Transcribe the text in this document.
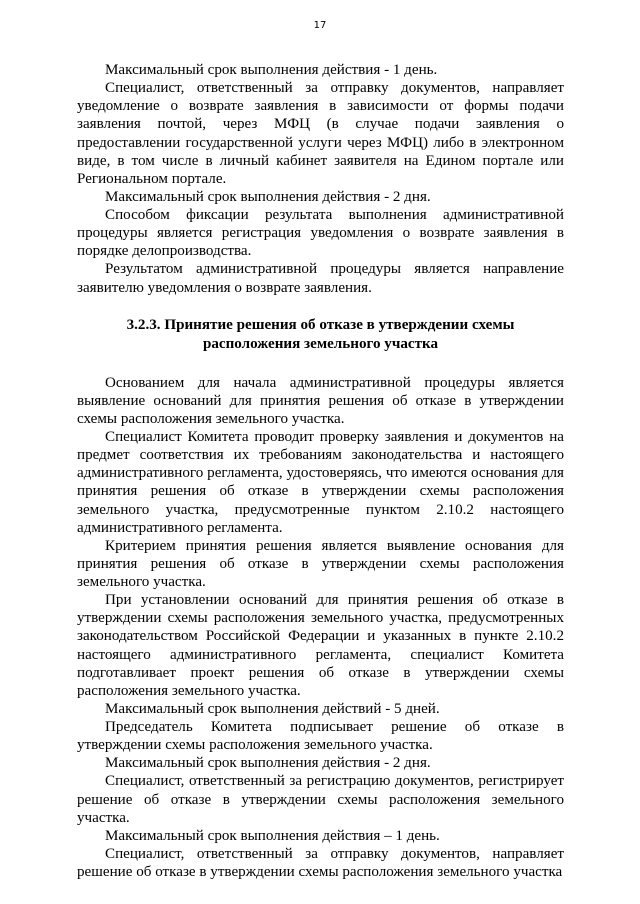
17

Максимальный срок выполнения действия - 1 день.

Специалист, ответственный за отправку документов, направляет уведомление о возврате заявления в зависимости от формы подачи заявления почтой, через МФЦ (в случае подачи заявления о предоставлении государственной услуги через МФЦ) либо в электронном виде, в том числе в личный кабинет заявителя на Едином портале или Региональном портале.

Максимальный срок выполнения действия - 2 дня.

Способом фиксации результата выполнения административной процедуры является регистрация уведомления о возврате заявления в порядке делопроизводства.

Результатом административной процедуры является направление заявителю уведомления о возврате заявления.

3.2.3. Принятие решения об отказе в утверждении схемы
расположения земельного участка

Основанием для начала административной процедуры является выявление оснований для принятия решения об отказе в утверждении схемы расположения земельного участка.

Специалист Комитета проводит проверку заявления и документов на предмет соответствия их требованиям законодательства и настоящего административного регламента, удостоверяясь, что имеются основания для принятия решения об отказе в утверждении схемы расположения земельного участка, предусмотренные пунктом 2.10.2 настоящего административного регламента.

Критерием принятия решения является выявление основания для принятия решения об отказе в утверждении схемы расположения земельного участка.

При установлении оснований для принятия решения об отказе в утверждении схемы расположения земельного участка, предусмотренных законодательством Российской Федерации и указанных в пункте 2.10.2 настоящего административного регламента, специалист Комитета подготавливает проект решения об отказе в утверждении схемы расположения земельного участка.

Максимальный срок выполнения действий - 5 дней.

Председатель Комитета подписывает решение об отказе в утверждении схемы расположения земельного участка.

Максимальный срок выполнения действия - 2 дня.

Специалист, ответственный за регистрацию документов, регистрирует решение об отказе в утверждении схемы расположения земельного участка.

Максимальный срок выполнения действия – 1 день.

Специалист, ответственный за отправку документов, направляет решение об отказе в утверждении схемы расположения земельного участка
